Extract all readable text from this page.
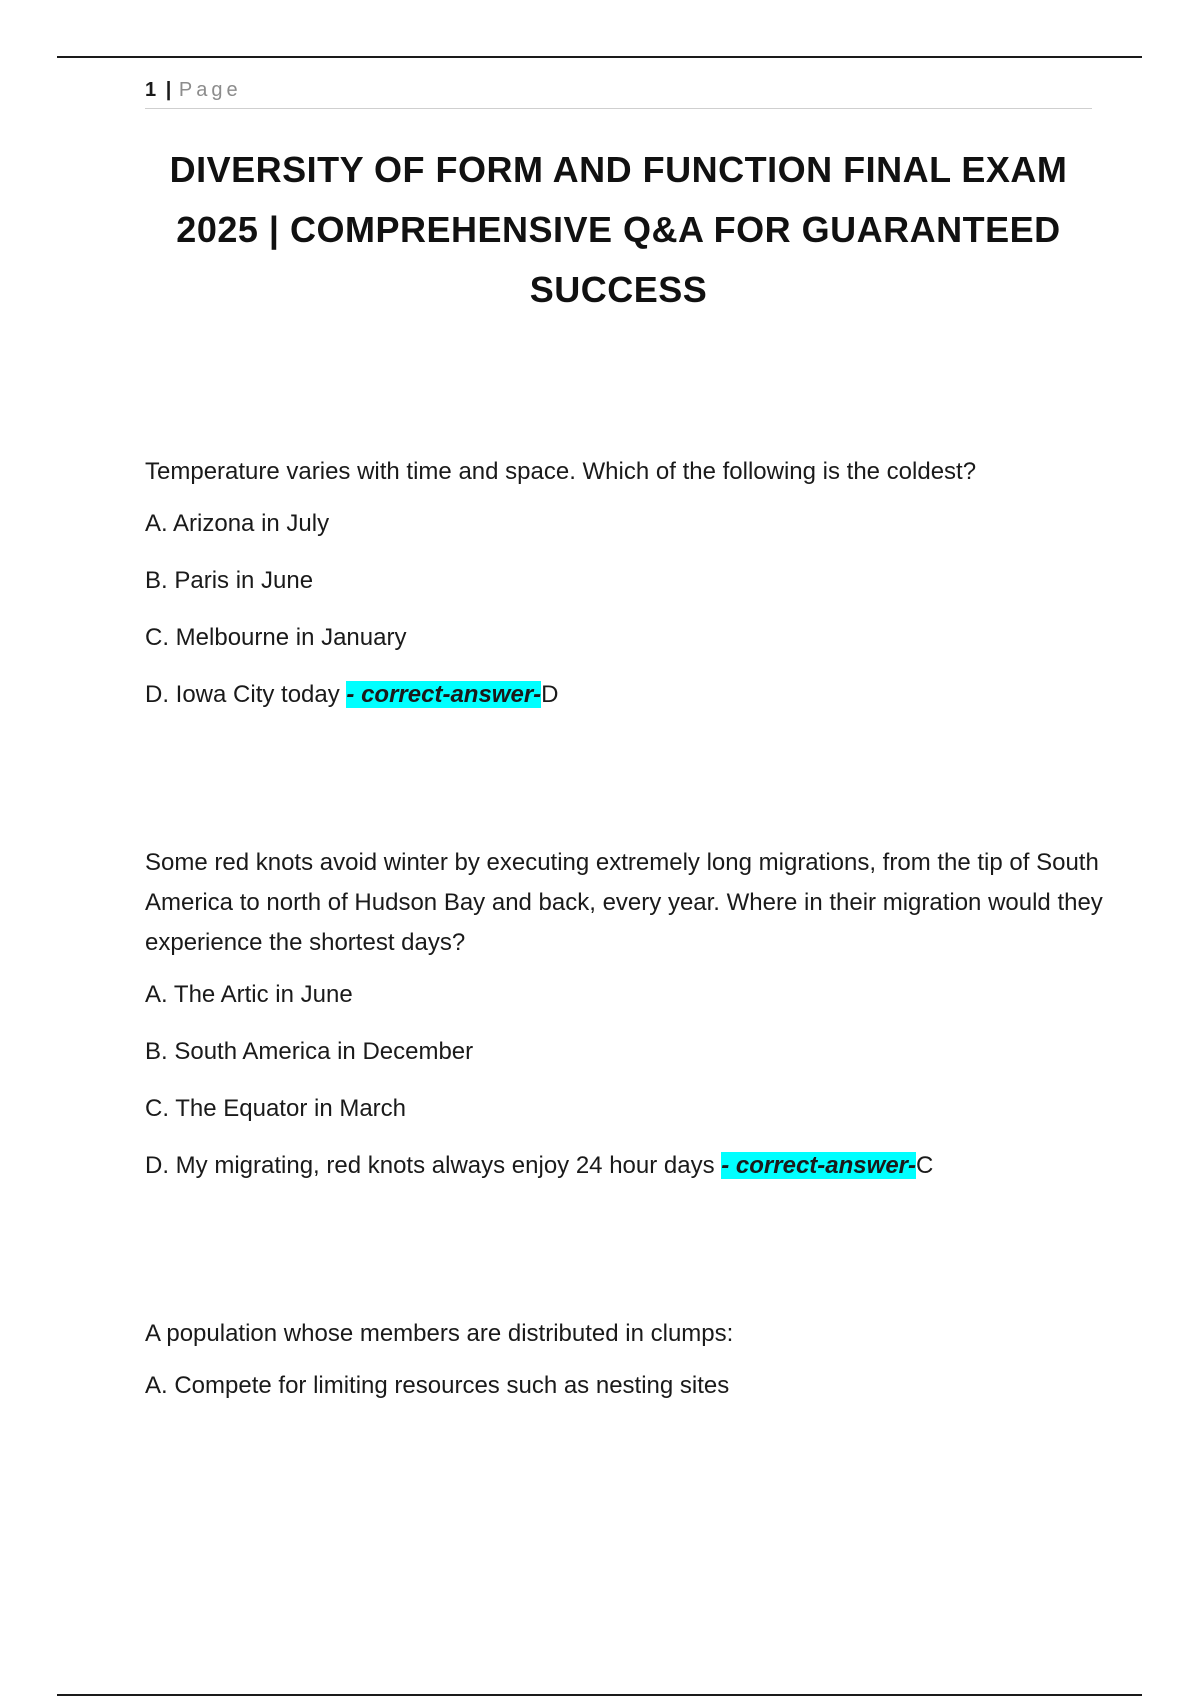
1 | Page
DIVERSITY OF FORM AND FUNCTION FINAL EXAM 2025 | COMPREHENSIVE Q&A FOR GUARANTEED SUCCESS

Temperature varies with time and space. Which of the following is the coldest?

A. Arizona in July

B. Paris in June

C. Melbourne in January

D. Iowa City today - correct-answer-D

Some red knots avoid winter by executing extremely long migrations, from the tip of South America to north of Hudson Bay and back, every year. Where in their migration would they experience the shortest days?

A. The Artic in June

B. South America in December

C. The Equator in March

D. My migrating, red knots always enjoy 24 hour days - correct-answer-C

A population whose members are distributed in clumps:

A. Compete for limiting resources such as nesting sites
